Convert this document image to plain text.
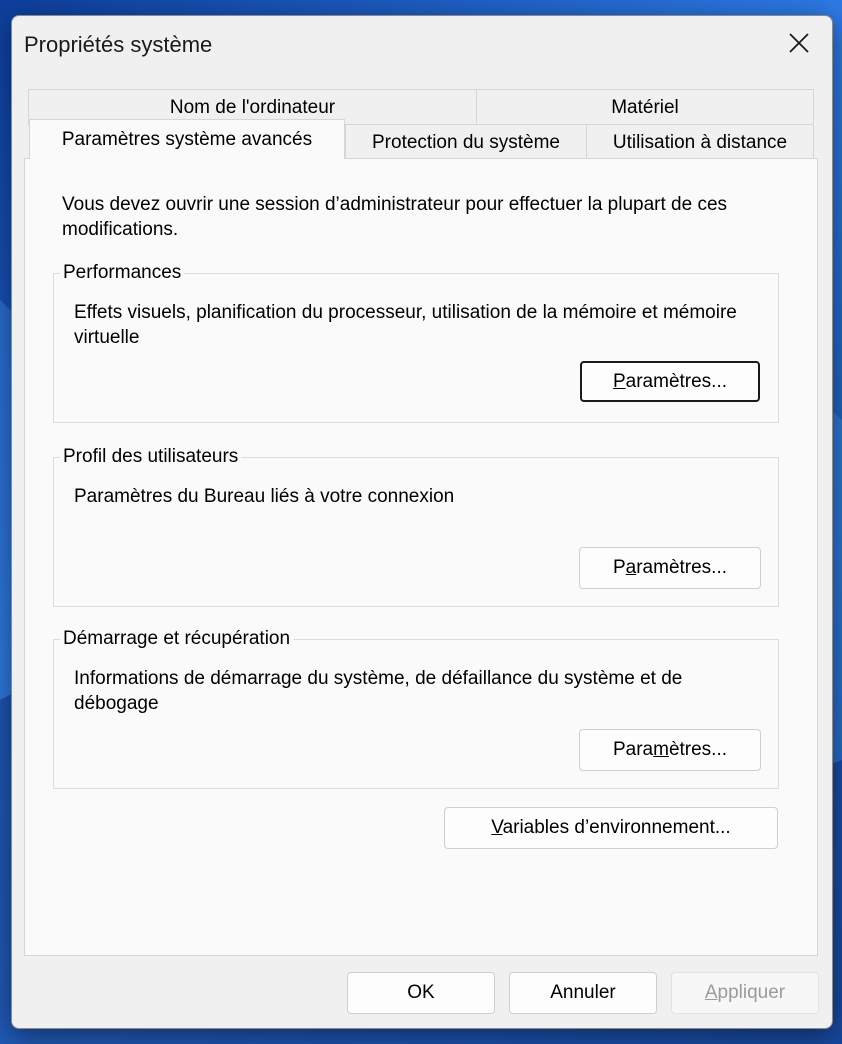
Propriétés système
Nom de l'ordinateur	Matériel
Paramètres système avancés	Protection du système	Utilisation à distance
Vous devez ouvrir une session d’administrateur pour effectuer la plupart de ces modifications.
Performances
Effets visuels, planification du processeur, utilisation de la mémoire et mémoire virtuelle
Paramètres...
Profil des utilisateurs
Paramètres du Bureau liés à votre connexion
Paramètres...
Démarrage et récupération
Informations de démarrage du système, de défaillance du système et de débogage
Paramètres...
Variables d’environnement...
OK	Annuler	Appliquer
